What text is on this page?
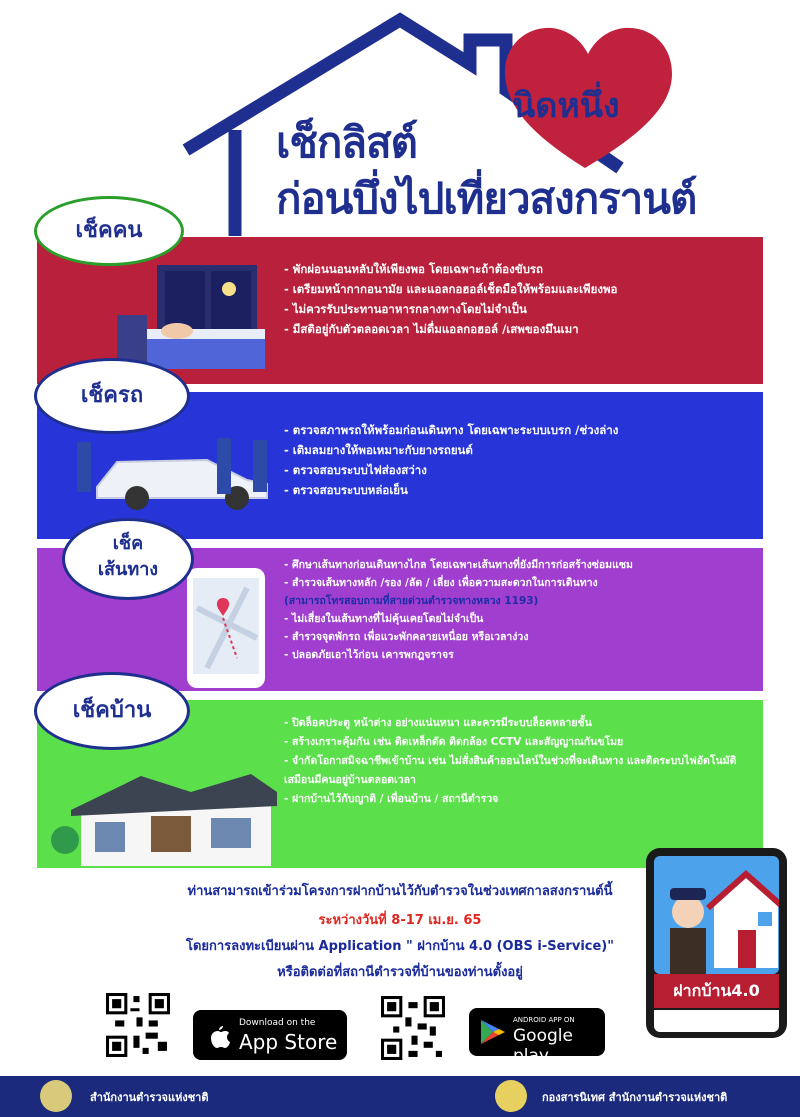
เช็กลิสต์
ก่อนบึ่งไปเที่ยวสงกรานต์
นิดหนึ่ง
- พักผ่อนนอนหลับให้เพียงพอ โดยเฉพาะถ้าต้องขับรถ
- เตรียมหน้ากากอนามัย และแอลกอฮอล์เช็ดมือให้พร้อมและเพียงพอ
- ไม่ควรรับประทานอาหารกลางทางโดยไม่จำเป็น
- มีสติอยู่กับตัวตลอดเวลา ไม่ดื่มแอลกอฮอล์ /เสพของมึนเมา
เช็คคน
- ตรวจสภาพรถให้พร้อมก่อนเดินทาง โดยเฉพาะระบบเบรก /ช่วงล่าง
- เติมลมยางให้พอเหมาะกับยางรถยนต์
- ตรวจสอบระบบไฟส่องสว่าง
- ตรวจสอบระบบหล่อเย็น
เช็ครถ
- ศึกษาเส้นทางก่อนเดินทางไกล โดยเฉพาะเส้นทางที่ยังมีการก่อสร้างซ่อมแซม
- สำรวจเส้นทางหลัก /รอง /ลัด / เลี่ยง เพื่อความสะดวกในการเดินทาง
(สามารถโทรสอบถามที่สายด่วนตำรวจทางหลวง 1193)
- ไม่เสี่ยงในเส้นทางที่ไม่คุ้นเคยโดยไม่จำเป็น
- สำรวจจุดพักรถ เพื่อแวะพักคลายเหนื่อย หรือเวลาง่วง
- ปลอดภัยเอาไว้ก่อน เคารพกฎจราจร
เช็ค
เส้นทาง
- ปิดล็อคประตู หน้าต่าง อย่างแน่นหนา และควรมีระบบล็อคหลายชั้น
- สร้างเกราะคุ้มกัน เช่น ติดเหล็กดัด ติดกล้อง CCTV และสัญญาณกันขโมย
- จำกัดโอกาสมิจฉาชีพเข้าบ้าน เช่น ไม่สั่งสินค้าออนไลน์ในช่วงที่จะเดินทาง และติดระบบไฟอัตโนมัติ เสมือนมีคนอยู่บ้านตลอดเวลา
- ฝากบ้านไว้กับญาติ / เพื่อนบ้าน / สถานีตำรวจ
เช็คบ้าน
ท่านสามารถเข้าร่วมโครงการฝากบ้านไว้กับตำรวจในช่วงเทศกาลสงกรานต์นี้
ระหว่างวันที่ 8-17 เม.ย. 65
โดยการลงทะเบียนผ่าน Application " ฝากบ้าน 4.0 (OBS i-Service)"
หรือติดต่อที่สถานีตำรวจที่บ้านของท่านตั้งอยู่
Download on the
App Store
ANDROID APP ON
Google play
ฝากบ้าน4.0
สำนักงานตำรวจแห่งชาติ	กองสารนิเทศ สำนักงานตำรวจแห่งชาติ
